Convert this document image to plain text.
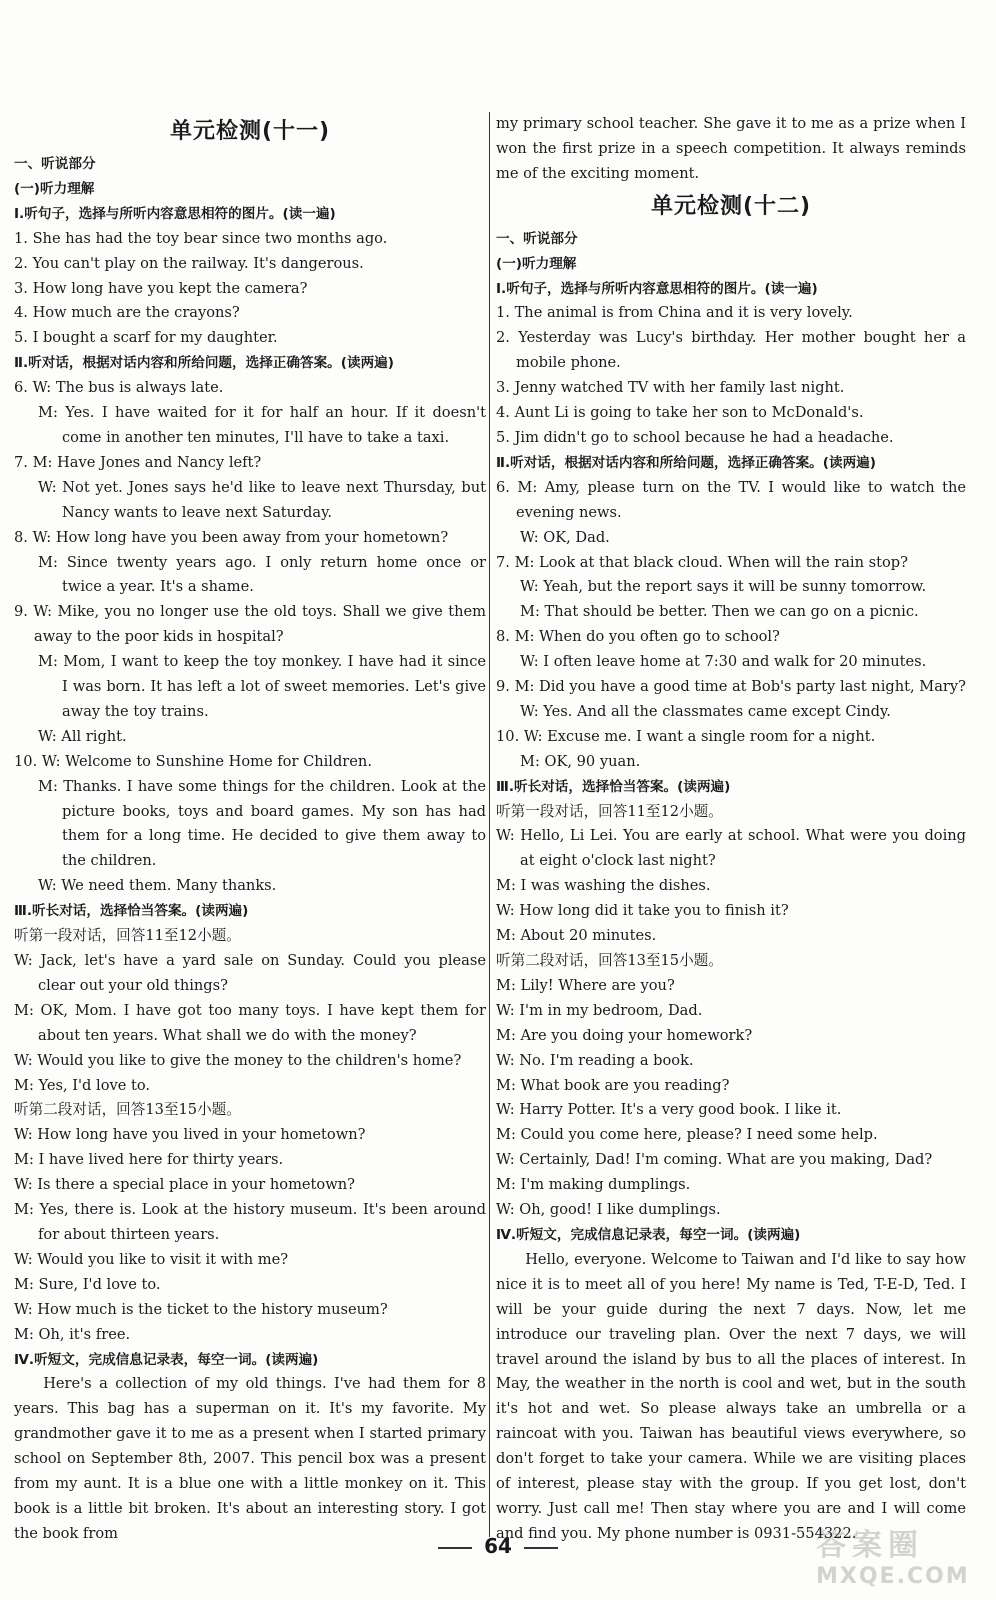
单元检测(十一)
一、听说部分
(一)听力理解
Ⅰ.听句子，选择与所听内容意思相符的图片。(读一遍)
1. She has had the toy bear since two months ago.
2. You can't play on the railway. It's dangerous.
3. How long have you kept the camera?
4. How much are the crayons?
5. I bought a scarf for my daughter.
Ⅱ.听对话，根据对话内容和所给问题，选择正确答案。(读两遍)
6. W: The bus is always late.
M: Yes. I have waited for it for half an hour. If it doesn't come in another ten minutes, I'll have to take a taxi.
7. M: Have Jones and Nancy left?
W: Not yet. Jones says he'd like to leave next Thursday, but Nancy wants to leave next Saturday.
8. W: How long have you been away from your hometown?
M: Since twenty years ago. I only return home once or twice a year. It's a shame.
9. W: Mike, you no longer use the old toys. Shall we give them away to the poor kids in hospital?
M: Mom, I want to keep the toy monkey. I have had it since I was born. It has left a lot of sweet memories. Let's give away the toy trains.
W: All right.
10. W: Welcome to Sunshine Home for Children.
M: Thanks. I have some things for the children. Look at the picture books, toys and board games. My son has had them for a long time. He decided to give them away to the children.
W: We need them. Many thanks.
Ⅲ.听长对话，选择恰当答案。(读两遍)
听第一段对话，回答11至12小题。
W: Jack, let's have a yard sale on Sunday. Could you please clear out your old things?
M: OK, Mom. I have got too many toys. I have kept them for about ten years. What shall we do with the money?
W: Would you like to give the money to the children's home?
M: Yes, I'd love to.
听第二段对话，回答13至15小题。
W: How long have you lived in your hometown?
M: I have lived here for thirty years.
W: Is there a special place in your hometown?
M: Yes, there is. Look at the history museum. It's been around for about thirteen years.
W: Would you like to visit it with me?
M: Sure, I'd love to.
W: How much is the ticket to the history museum?
M: Oh, it's free.
Ⅳ.听短文，完成信息记录表，每空一词。(读两遍)
Here's a collection of my old things. I've had them for 8 years. This bag has a superman on it. It's my favorite. My grandmother gave it to me as a present when I started primary school on September 8th, 2007. This pencil box was a present from my aunt. It is a blue one with a little monkey on it. This book is a little bit broken. It's about an interesting story. I got the book from
my primary school teacher. She gave it to me as a prize when I won the first prize in a speech competition. It always reminds me of the exciting moment.
单元检测(十二)
一、听说部分
(一)听力理解
Ⅰ.听句子，选择与所听内容意思相符的图片。(读一遍)
1. The animal is from China and it is very lovely.
2. Yesterday was Lucy's birthday. Her mother bought her a mobile phone.
3. Jenny watched TV with her family last night.
4. Aunt Li is going to take her son to McDonald's.
5. Jim didn't go to school because he had a headache.
Ⅱ.听对话，根据对话内容和所给问题，选择正确答案。(读两遍)
6. M: Amy, please turn on the TV. I would like to watch the evening news.
W: OK, Dad.
7. M: Look at that black cloud. When will the rain stop?
W: Yeah, but the report says it will be sunny tomorrow.
M: That should be better. Then we can go on a picnic.
8. M: When do you often go to school?
W: I often leave home at 7:30 and walk for 20 minutes.
9. M: Did you have a good time at Bob's party last night, Mary?
W: Yes. And all the classmates came except Cindy.
10. W: Excuse me. I want a single room for a night.
M: OK, 90 yuan.
Ⅲ.听长对话，选择恰当答案。(读两遍)
听第一段对话，回答11至12小题。
W: Hello, Li Lei. You are early at school. What were you doing at eight o'clock last night?
M: I was washing the dishes.
W: How long did it take you to finish it?
M: About 20 minutes.
听第二段对话，回答13至15小题。
M: Lily! Where are you?
W: I'm in my bedroom, Dad.
M: Are you doing your homework?
W: No. I'm reading a book.
M: What book are you reading?
W: Harry Potter. It's a very good book. I like it.
M: Could you come here, please? I need some help.
W: Certainly, Dad! I'm coming. What are you making, Dad?
M: I'm making dumplings.
W: Oh, good! I like dumplings.
Ⅳ.听短文，完成信息记录表，每空一词。(读两遍)
Hello, everyone. Welcome to Taiwan and I'd like to say how nice it is to meet all of you here! My name is Ted, T-E-D, Ted. I will be your guide during the next 7 days. Now, let me introduce our traveling plan. Over the next 7 days, we will travel around the island by bus to all the places of interest. In May, the weather in the north is cool and wet, but in the south it's hot and wet. So please always take an umbrella or a raincoat with you. Taiwan has beautiful views everywhere, so don't forget to take your camera. While we are visiting places of interest, please stay with the group. If you get lost, don't worry. Just call me! Then stay where you are and I will come and find you. My phone number is 0931-554322.
64	答案圈
MXQE.COM
